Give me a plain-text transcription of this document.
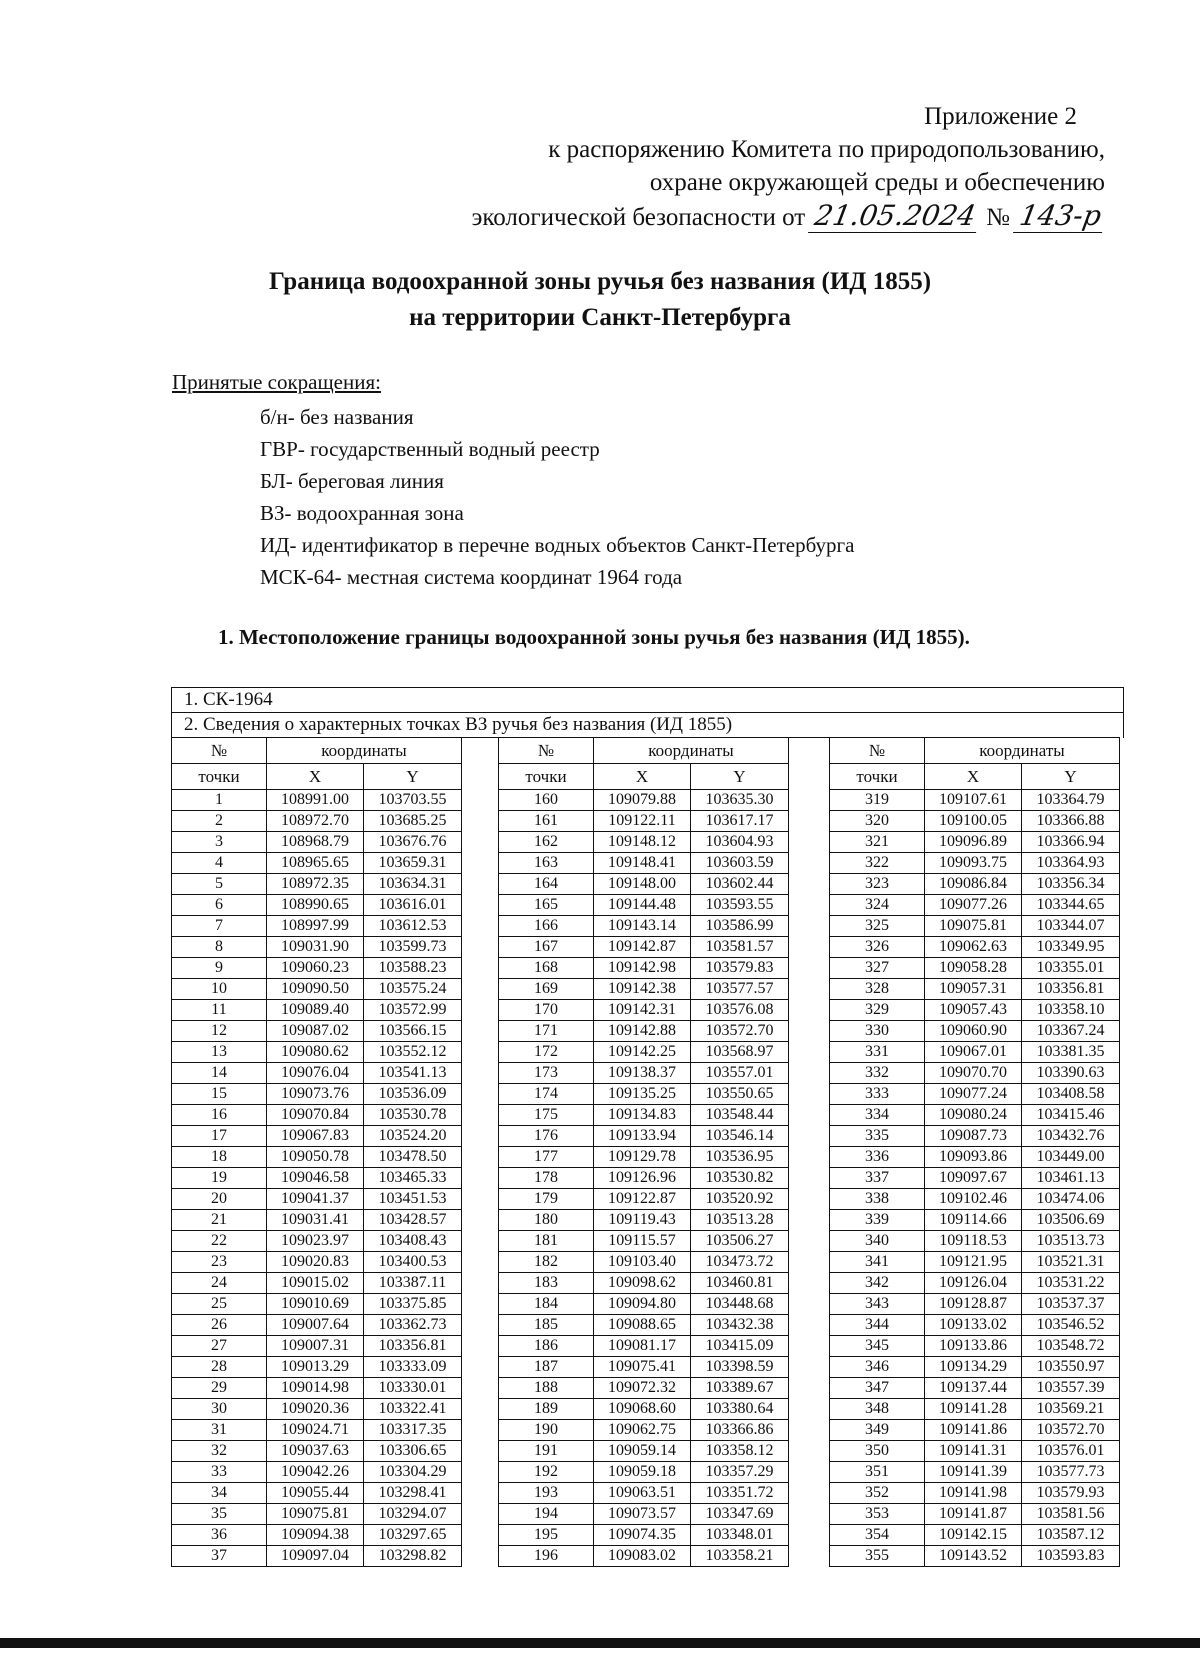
Приложение 2
к распоряжению Комитета по природопользованию,
охране окружающей среды и обеспечению
экологической безопасности от 21.05.2024 № 143-р
Граница водоохранной зоны ручья без названия (ИД 1855)
на территории Санкт-Петербурга
Принятые сокращения:
б/н- без названия
ГВР- государственный водный реестр
БЛ- береговая линия
ВЗ- водоохранная зона
ИД- идентификатор в перечне водных объектов Санкт-Петербурга
МСК-64- местная система координат 1964 года
1. Местоположение границы водоохранной зоны ручья без названия (ИД 1855).
1. СК-1964
2. Сведения о характерных точках ВЗ ручья без названия (ИД 1855)
№	координаты	
точки	X	Y
1	108991.00	103703.55
2	108972.70	103685.25
3	108968.79	103676.76
4	108965.65	103659.31
5	108972.35	103634.31
6	108990.65	103616.01
7	108997.99	103612.53
8	109031.90	103599.73
9	109060.23	103588.23
10	109090.50	103575.24
11	109089.40	103572.99
12	109087.02	103566.15
13	109080.62	103552.12
14	109076.04	103541.13
15	109073.76	103536.09
16	109070.84	103530.78
17	109067.83	103524.20
18	109050.78	103478.50
19	109046.58	103465.33
20	109041.37	103451.53
21	109031.41	103428.57
22	109023.97	103408.43
23	109020.83	103400.53
24	109015.02	103387.11
25	109010.69	103375.85
26	109007.64	103362.73
27	109007.31	103356.81
28	109013.29	103333.09
29	109014.98	103330.01
30	109020.36	103322.41
31	109024.71	103317.35
32	109037.63	103306.65
33	109042.26	103304.29
34	109055.44	103298.41
35	109075.81	103294.07
36	109094.38	103297.65
37	109097.04	103298.82
№	координаты	
точки	X	Y
160	109079.88	103635.30
161	109122.11	103617.17
162	109148.12	103604.93
163	109148.41	103603.59
164	109148.00	103602.44
165	109144.48	103593.55
166	109143.14	103586.99
167	109142.87	103581.57
168	109142.98	103579.83
169	109142.38	103577.57
170	109142.31	103576.08
171	109142.88	103572.70
172	109142.25	103568.97
173	109138.37	103557.01
174	109135.25	103550.65
175	109134.83	103548.44
176	109133.94	103546.14
177	109129.78	103536.95
178	109126.96	103530.82
179	109122.87	103520.92
180	109119.43	103513.28
181	109115.57	103506.27
182	109103.40	103473.72
183	109098.62	103460.81
184	109094.80	103448.68
185	109088.65	103432.38
186	109081.17	103415.09
187	109075.41	103398.59
188	109072.32	103389.67
189	109068.60	103380.64
190	109062.75	103366.86
191	109059.14	103358.12
192	109059.18	103357.29
193	109063.51	103351.72
194	109073.57	103347.69
195	109074.35	103348.01
196	109083.02	103358.21
№	координаты	
точки	X	Y
319	109107.61	103364.79
320	109100.05	103366.88
321	109096.89	103366.94
322	109093.75	103364.93
323	109086.84	103356.34
324	109077.26	103344.65
325	109075.81	103344.07
326	109062.63	103349.95
327	109058.28	103355.01
328	109057.31	103356.81
329	109057.43	103358.10
330	109060.90	103367.24
331	109067.01	103381.35
332	109070.70	103390.63
333	109077.24	103408.58
334	109080.24	103415.46
335	109087.73	103432.76
336	109093.86	103449.00
337	109097.67	103461.13
338	109102.46	103474.06
339	109114.66	103506.69
340	109118.53	103513.73
341	109121.95	103521.31
342	109126.04	103531.22
343	109128.87	103537.37
344	109133.02	103546.52
345	109133.86	103548.72
346	109134.29	103550.97
347	109137.44	103557.39
348	109141.28	103569.21
349	109141.86	103572.70
350	109141.31	103576.01
351	109141.39	103577.73
352	109141.98	103579.93
353	109141.87	103581.56
354	109142.15	103587.12
355	109143.52	103593.83
